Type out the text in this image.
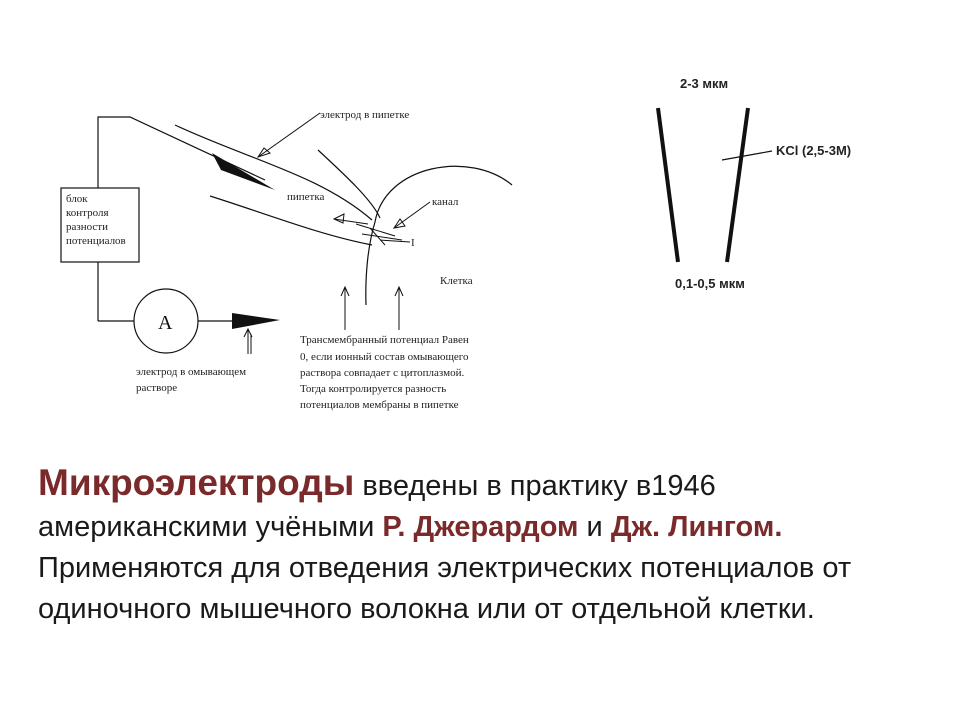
блок контроля разности потенциалов
A
электрод в омывающем растворе
электрод в пипетке
пипетка	канал
I
Клетка
Трансмембранный потенциал Равен 0, если ионный состав омывающего раствора совпадает с цитоплазмой. Тогда контролируется разность потенциалов мембраны в пипетке
2-3 мкм
KCl (2,5-3M)
0,1-0,5 мкм
Микроэлектроды введены в практику в1946 американскими учёными Р. Джерардом и Дж. Лингом. Применяются для отведения электрических потенциалов от одиночного мышечного волокна или от отдельной клетки.
